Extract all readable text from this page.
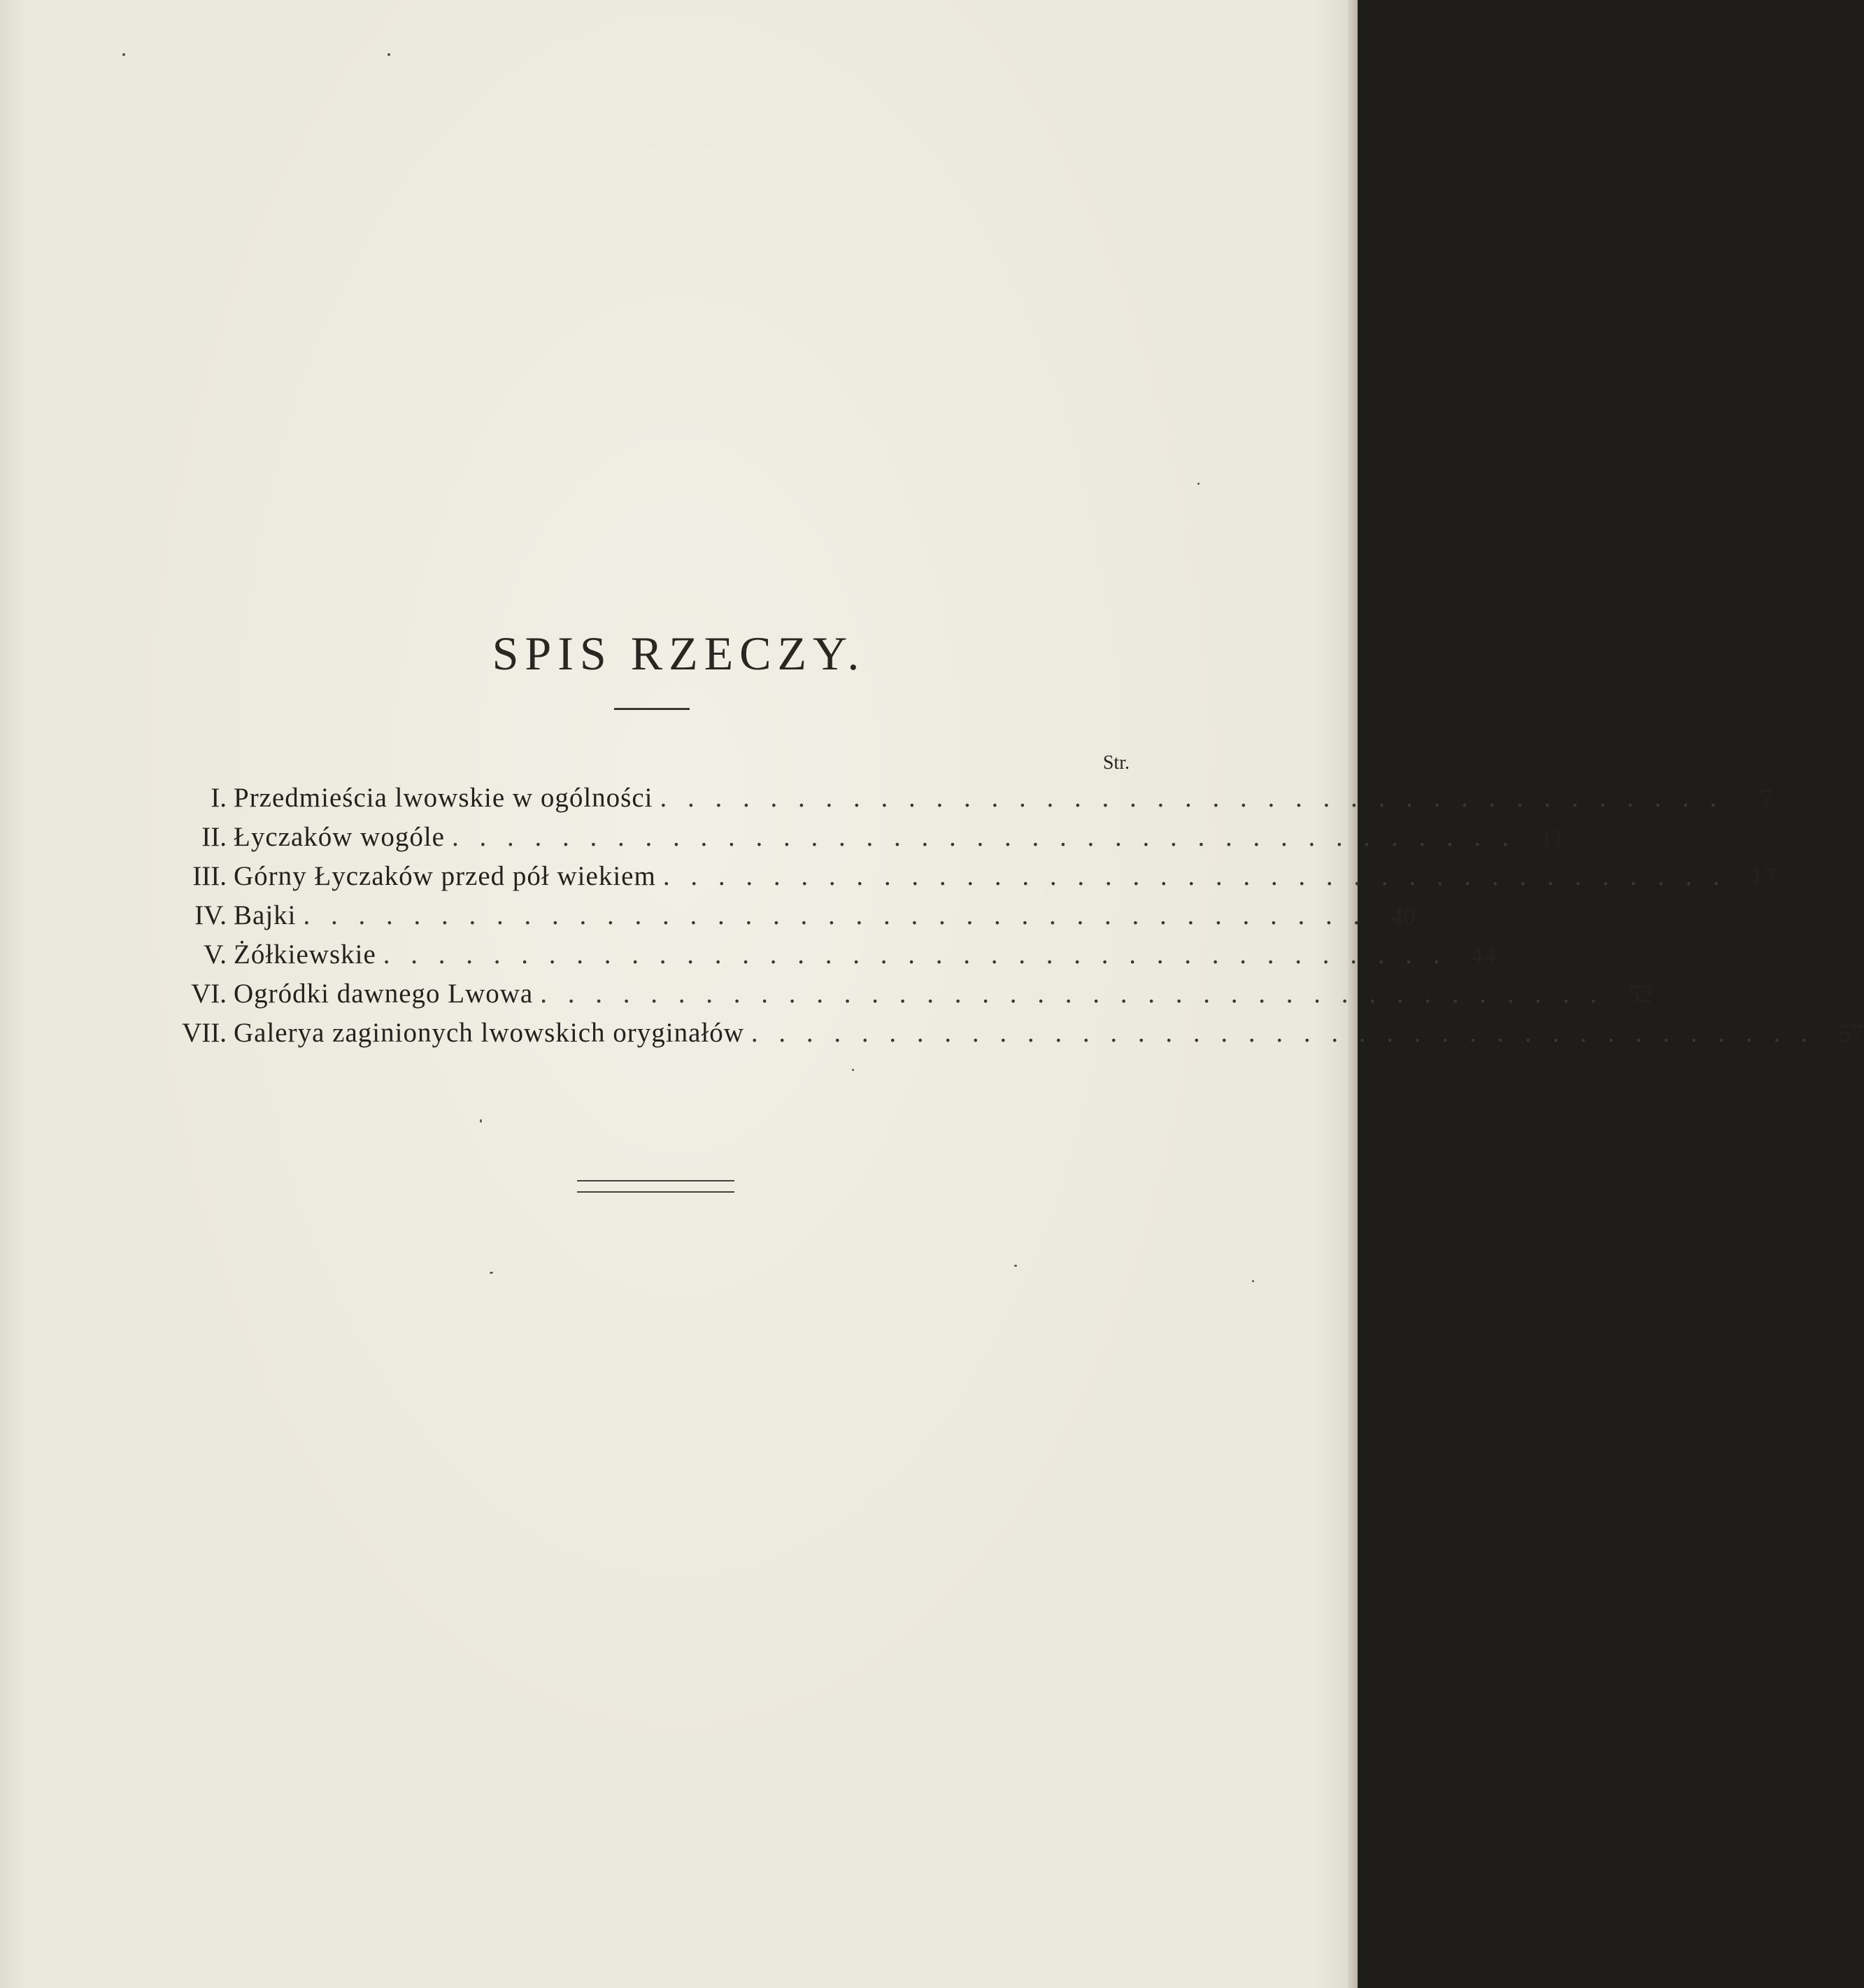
SPIS RZECZY.
Str.
I. Przedmieścia lwowskie w ogólności . . . . . . . . . . . . . . . . . . . . . . . . . . . . . . . . . . . . . . .	7
II. Łyczaków wogóle . . . . . . . . . . . . . . . . . . . . . . . . . . . . . . . . . . . . . . . 11
III. Górny Łyczaków przed pół wiekiem . . . . . . . . . . . . . . . . . . . . . . . . . . . . . . . . . . . . . . . 17
IV. Bajki . . . . . . . . . . . . . . . . . . . . . . . . . . . . . . . . . . . . . . . 40
V. Żółkiewskie . . . . . . . . . . . . . . . . . . . . . . . . . . . . . . . . . . . . . . . 44
VI. Ogródki dawnego Lwowa . . . . . . . . . . . . . . . . . . . . . . . . . . . . . . . . . . . . . . . 52
VII. Galerya zaginionych lwowskich oryginałów . . . . . . . . . . . . . . . . . . . . . . . . . . . . . . . . . . . . . . . 57
